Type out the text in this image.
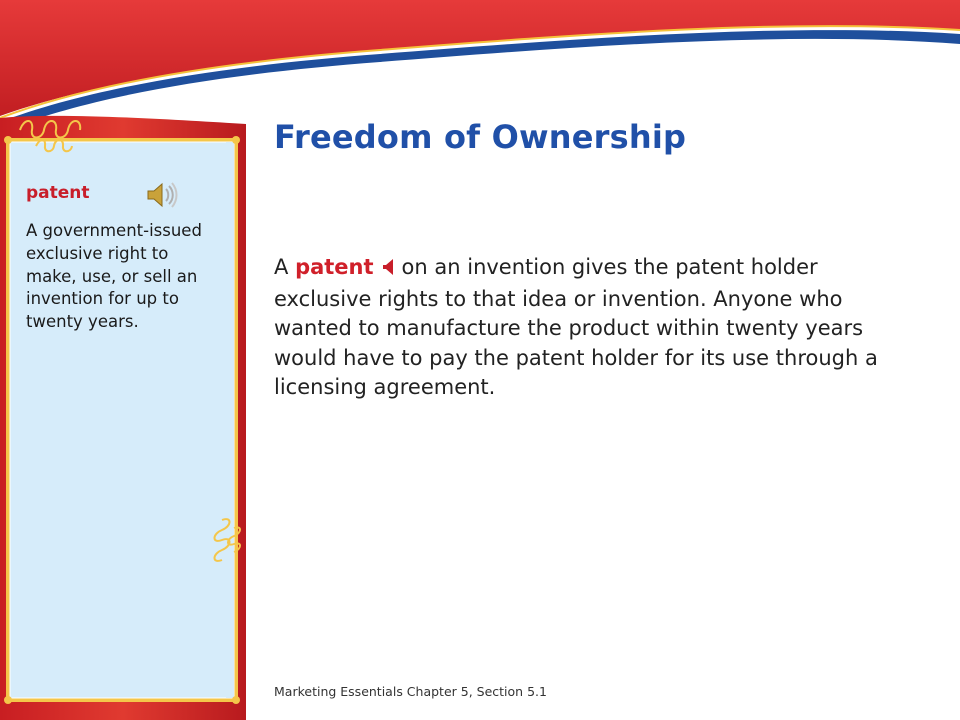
Freedom of Ownership

A patent on an invention gives the patent holder exclusive rights to that idea or invention. Anyone who wanted to manufacture the product within twenty years would have to pay the patent holder for its use through a licensing agreement.

patent

A government-issued exclusive right to make, use, or sell an invention for up to twenty years.

Marketing Essentials Chapter 5, Section 5.1
